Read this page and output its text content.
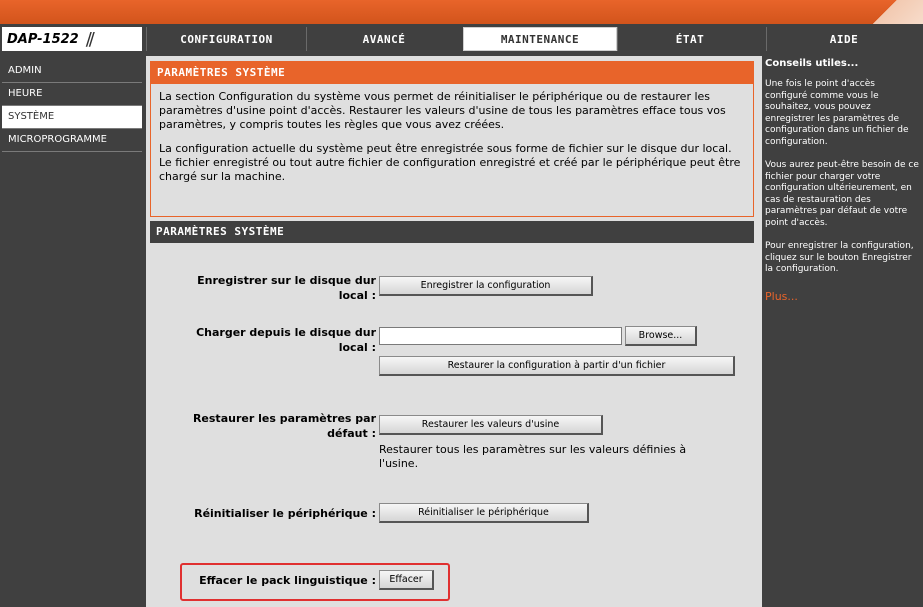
DAP-1522 //	CONFIGURATION	AVANCÉ	MAINTENANCE	ÉTAT	AIDE
ADMIN
HEURE
SYSTÈME
MICROPROGRAMME
PARAMÈTRES SYSTÈME

La section Configuration du système vous permet de réinitialiser le périphérique ou de restaurer les paramètres d'usine point d'accès. Restaurer les valeurs d'usine de tous les paramètres efface tous vos paramètres, y compris toutes les règles que vous avez créées.

La configuration actuelle du système peut être enregistrée sous forme de fichier sur le disque dur local. Le fichier enregistré ou tout autre fichier de configuration enregistré et créé par le périphérique peut être chargé sur la machine.

PARAMÈTRES SYSTÈME
Enregistrer sur le disque dur
local :
Enregistrer la configuration
Charger depuis le disque dur
local :
Browse...
Restaurer la configuration à partir d'un fichier
Restaurer les paramètres par
défaut :
Restaurer les valeurs d'usine
Restaurer tous les paramètres sur les valeurs définies à l'usine.
Réinitialiser le périphérique :	Réinitialiser le périphérique
Effacer le pack linguistique :	Effacer
Conseils utiles...

Une fois le point d'accès configuré comme vous le souhaitez, vous pouvez enregistrer les paramètres de configuration dans un fichier de configuration.

Vous aurez peut-être besoin de ce fichier pour charger votre configuration ultérieurement, en cas de restauration des paramètres par défaut de votre point d'accès.

Pour enregistrer la configuration, cliquez sur le bouton Enregistrer la configuration.

Plus...
